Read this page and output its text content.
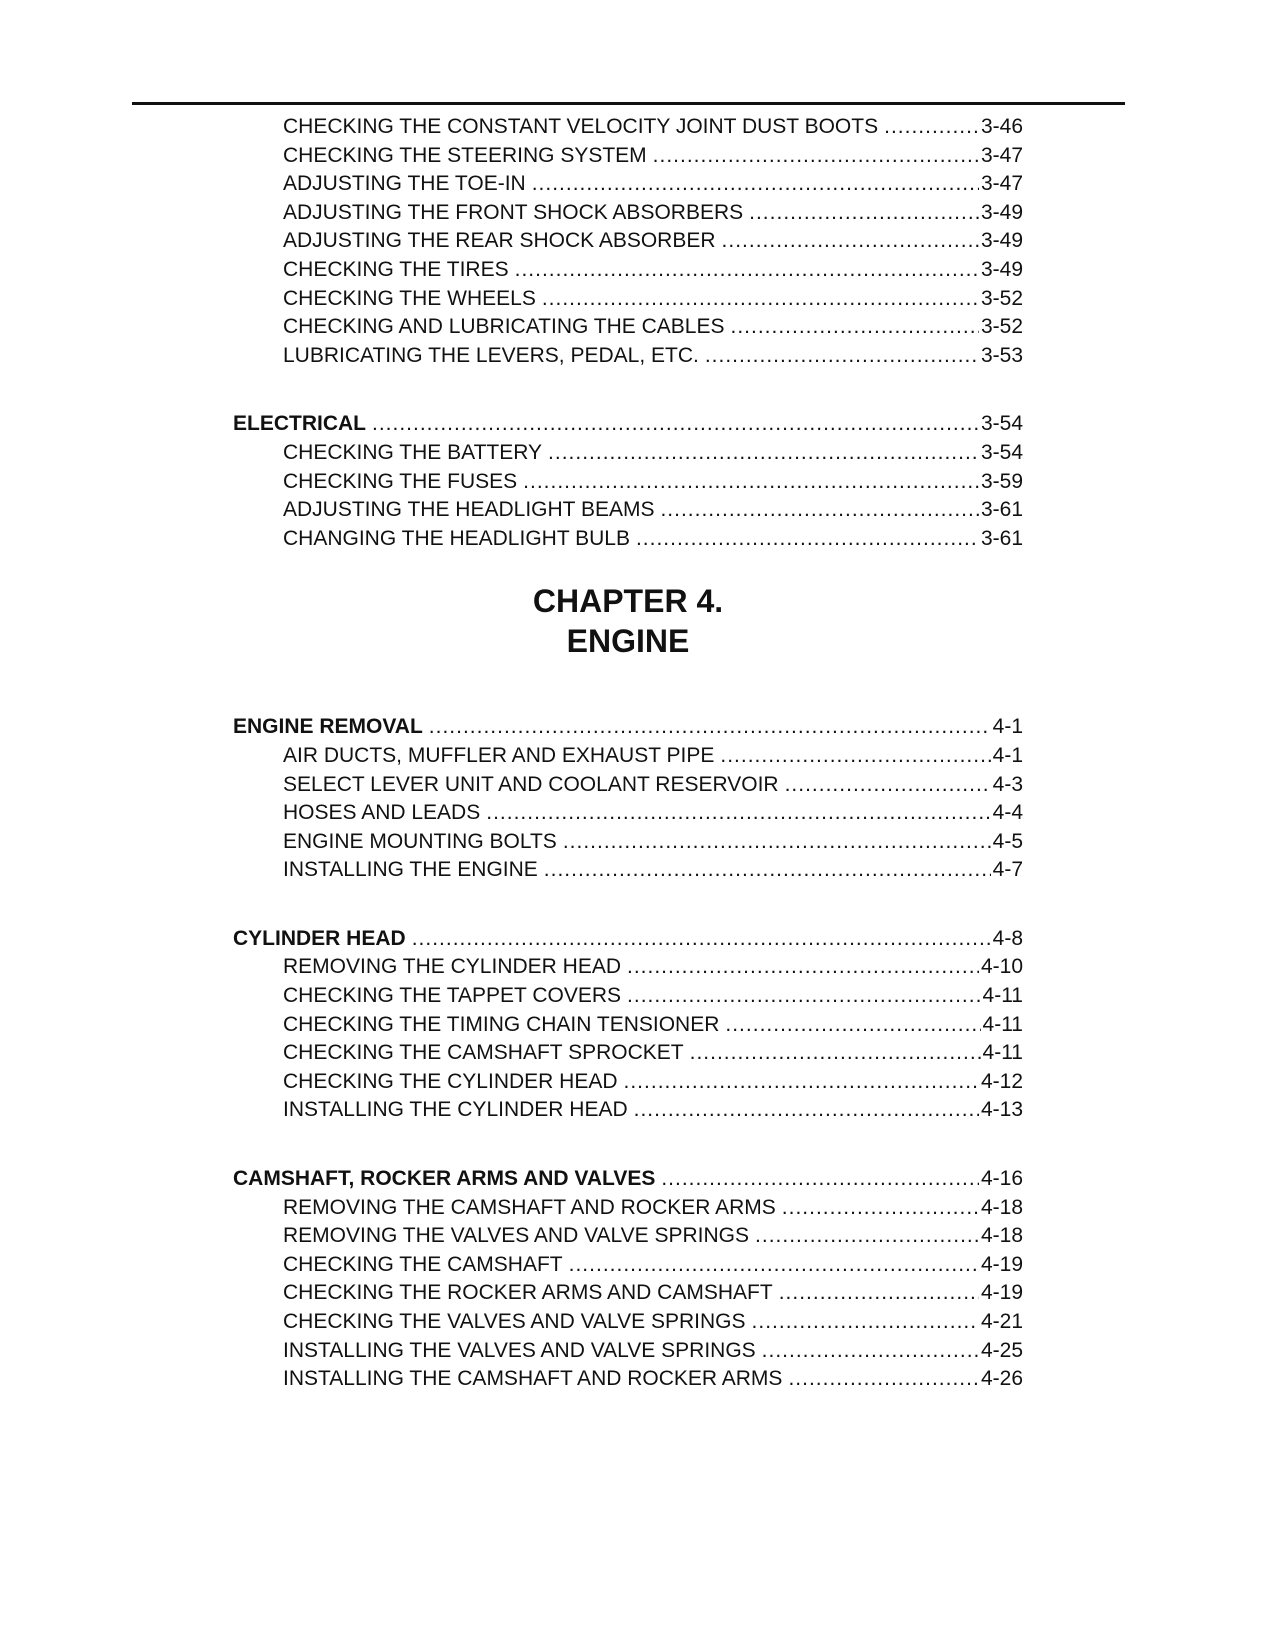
CHECKING THE CONSTANT VELOCITY JOINT DUST BOOTS .....	3-46
CHECKING THE STEERING SYSTEM .....	3-47
ADJUSTING THE TOE-IN .....	3-47
ADJUSTING THE FRONT SHOCK ABSORBERS .....	3-49
ADJUSTING THE REAR SHOCK ABSORBER .....	3-49
CHECKING THE TIRES .....	3-49
CHECKING THE WHEELS .....	3-52
CHECKING AND LUBRICATING THE CABLES .....	3-52
LUBRICATING THE LEVERS, PEDAL, ETC. .....	3-53
ELECTRICAL .....	3-54
CHECKING THE BATTERY .....	3-54
CHECKING THE FUSES .....	3-59
ADJUSTING THE HEADLIGHT BEAMS .....	3-61
CHANGING THE HEADLIGHT BULB .....	3-61
CHAPTER 4.
ENGINE
ENGINE REMOVAL .....	4-1
AIR DUCTS, MUFFLER AND EXHAUST PIPE .....	4-1
SELECT LEVER UNIT AND COOLANT RESERVOIR .....	4-3
HOSES AND LEADS .....	4-4
ENGINE MOUNTING BOLTS .....	4-5
INSTALLING THE ENGINE .....	4-7
CYLINDER HEAD .....	4-8
REMOVING THE CYLINDER HEAD .....	4-10
CHECKING THE TAPPET COVERS .....	4-11
CHECKING THE TIMING CHAIN TENSIONER .....	4-11
CHECKING THE CAMSHAFT SPROCKET .....	4-11
CHECKING THE CYLINDER HEAD .....	4-12
INSTALLING THE CYLINDER HEAD .....	4-13
CAMSHAFT, ROCKER ARMS AND VALVES .....	4-16
REMOVING THE CAMSHAFT AND ROCKER ARMS .....	4-18
REMOVING THE VALVES AND VALVE SPRINGS .....	4-18
CHECKING THE CAMSHAFT .....	4-19
CHECKING THE ROCKER ARMS AND CAMSHAFT .....	4-19
CHECKING THE VALVES AND VALVE SPRINGS .....	4-21
INSTALLING THE VALVES AND VALVE SPRINGS .....	4-25
INSTALLING THE CAMSHAFT AND ROCKER ARMS .....	4-26
